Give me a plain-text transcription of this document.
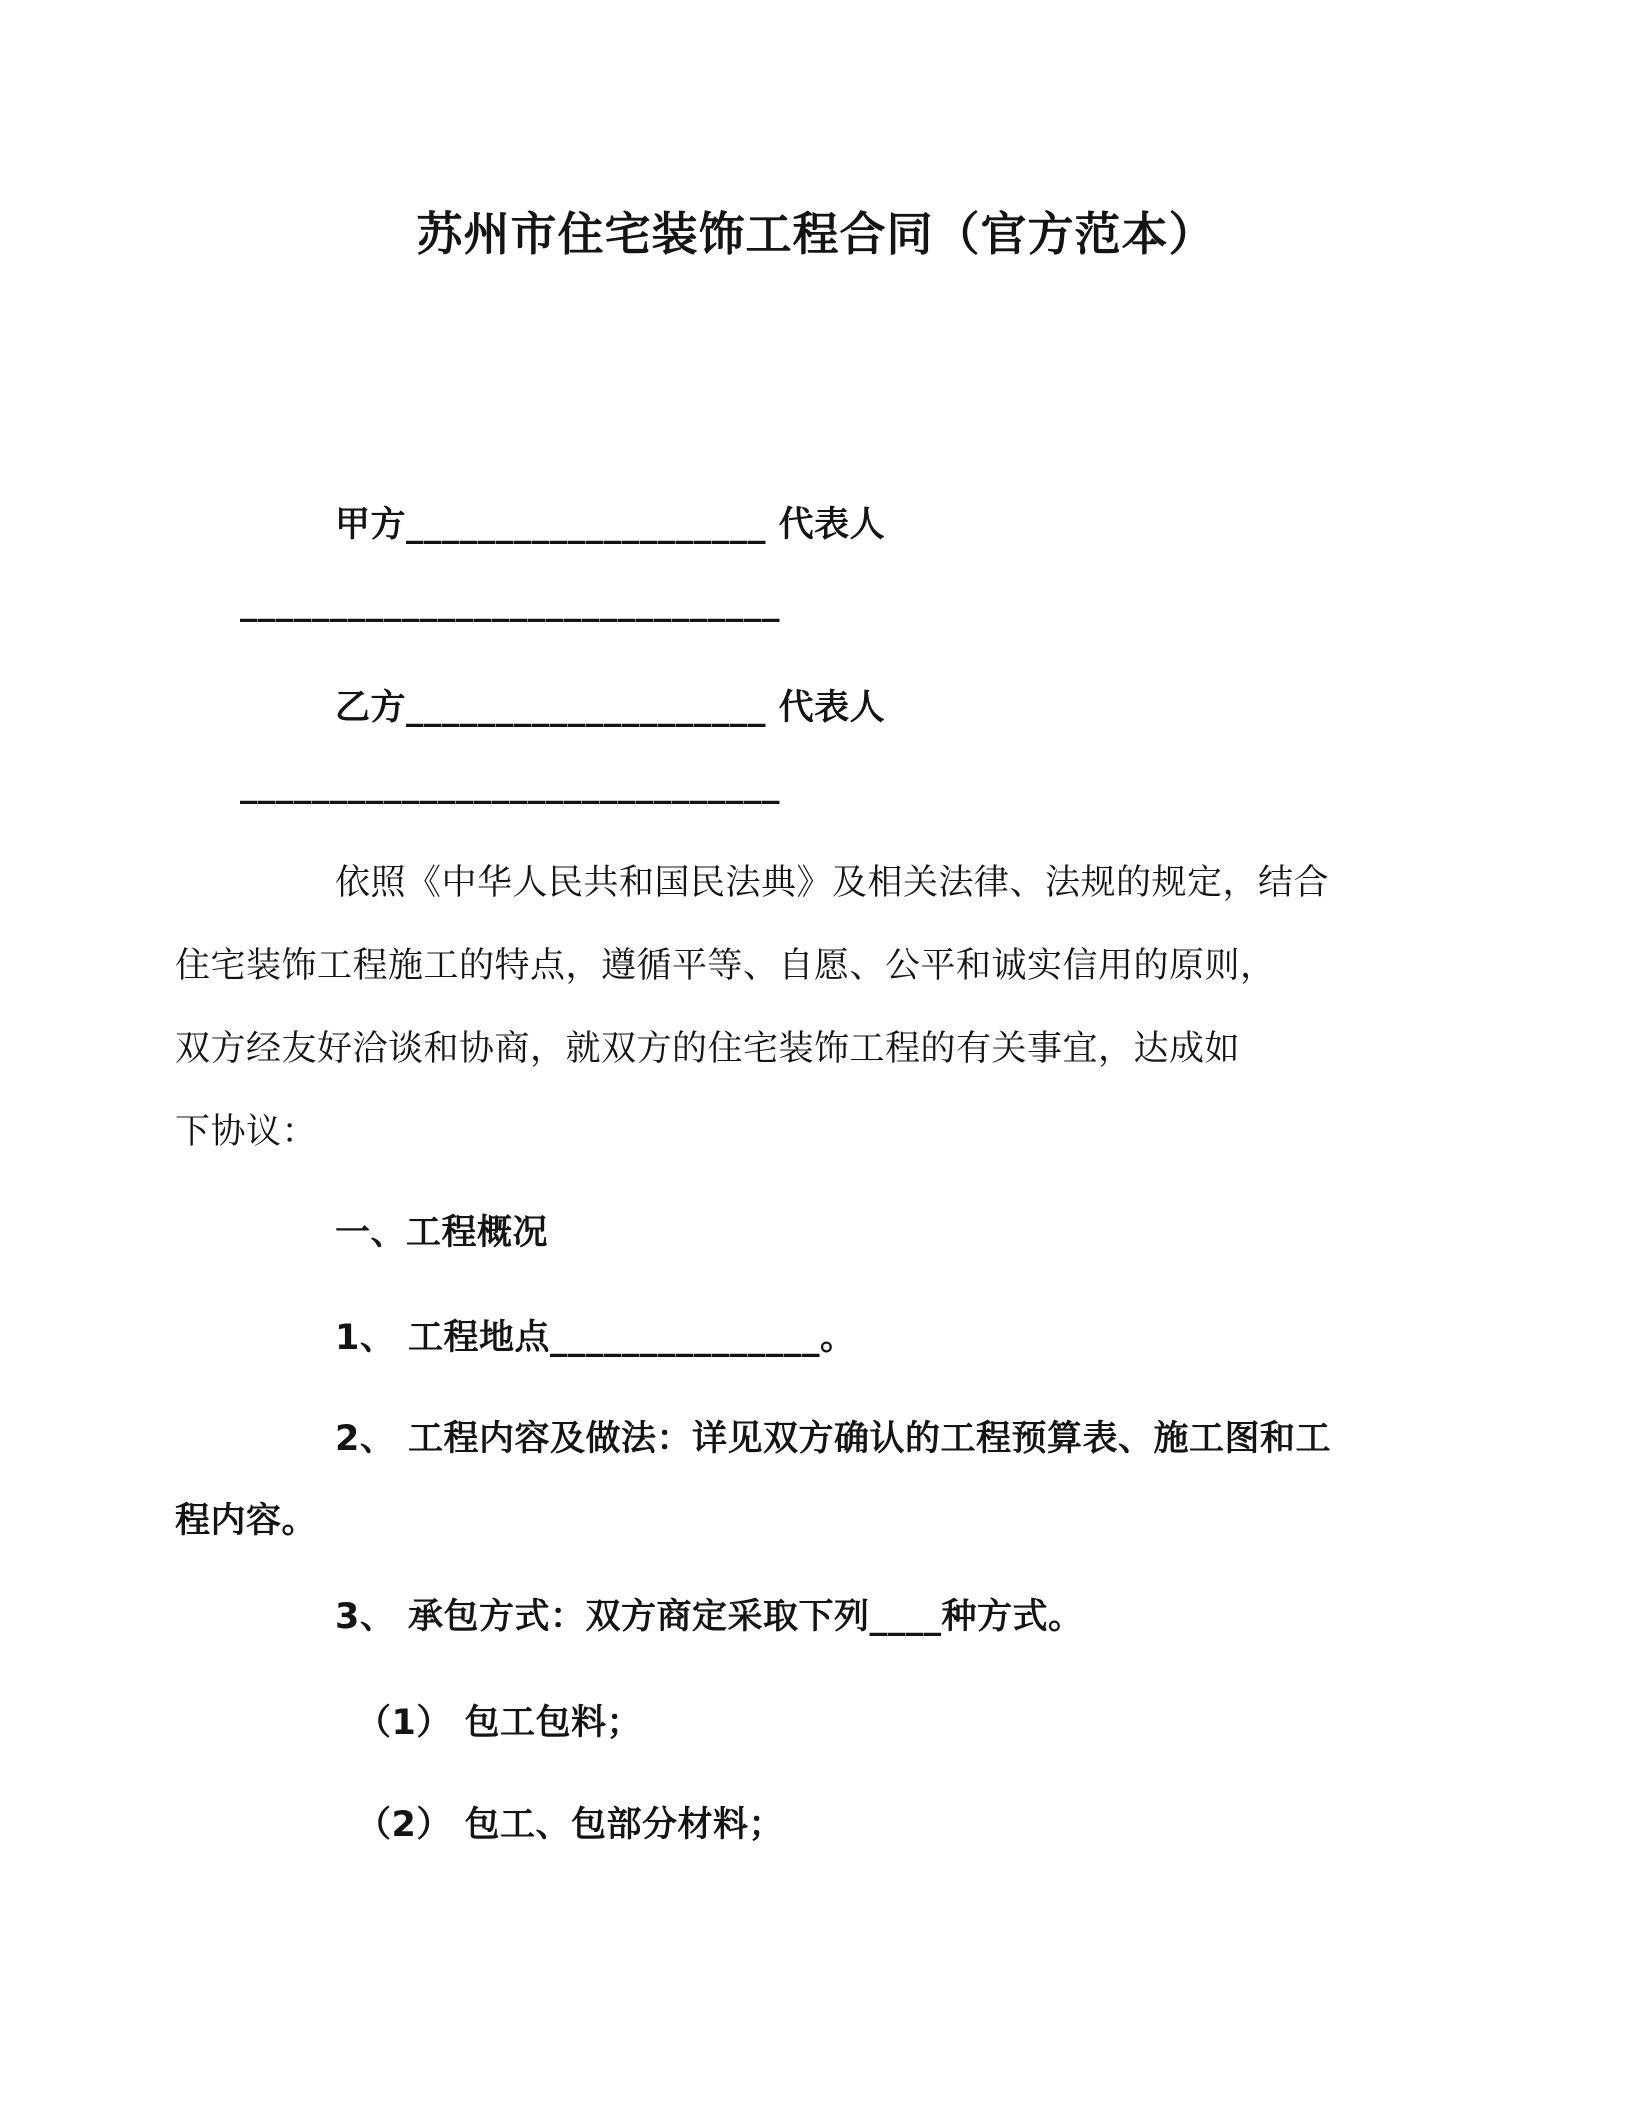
苏州市住宅装饰工程合同（官方范本）
甲方____________________ 代表人
______________________________
乙方____________________ 代表人
______________________________
依照《中华人民共和国民法典》及相关法律、法规的规定，结合
住宅装饰工程施工的特点，遵循平等、自愿、公平和诚实信用的原则，
双方经友好洽谈和协商，就双方的住宅装饰工程的有关事宜，达成如
下协议：
一、工程概况
1、 工程地点_______________。
2、 工程内容及做法：详见双方确认的工程预算表、施工图和工
程内容。
3、 承包方式：双方商定采取下列____种方式。
（1） 包工包料；
（2） 包工、包部分材料；
